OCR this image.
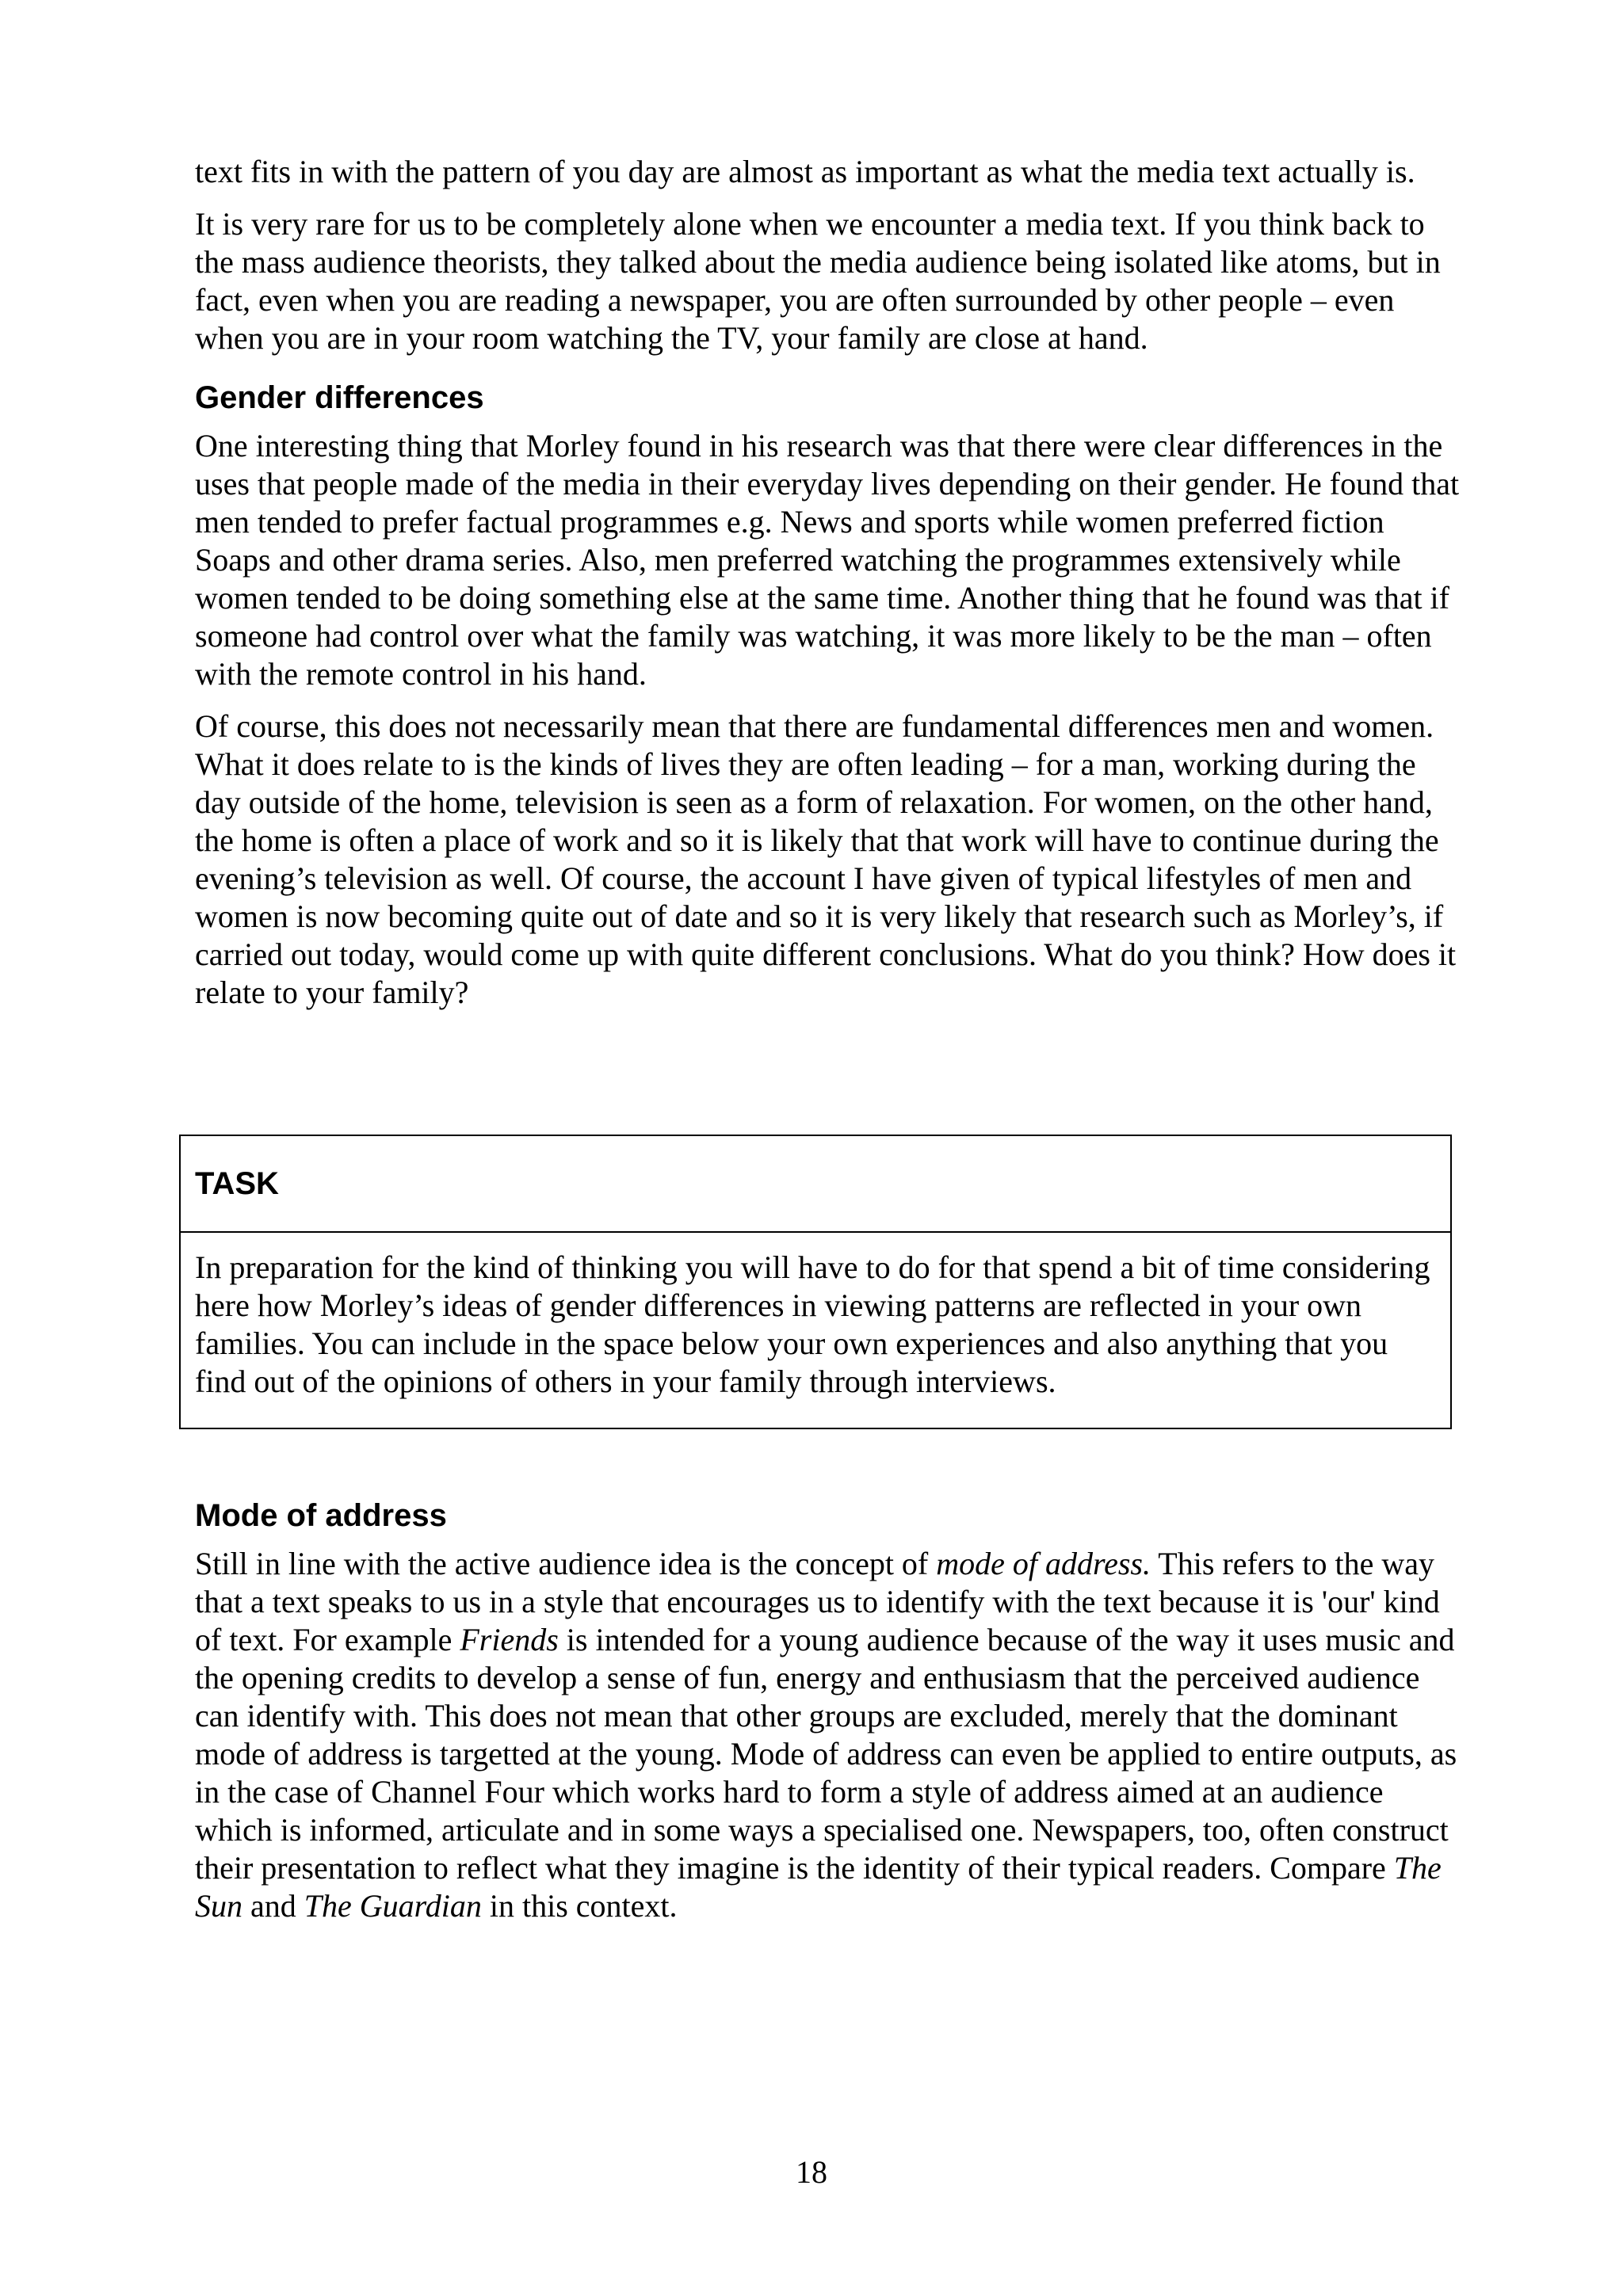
text fits in with the pattern of you day are almost as important as what the media text actually is.

It is very rare for us to be completely alone when we encounter a media text. If you think back to the mass audience theorists, they talked about the media audience being isolated like atoms, but in fact, even when you are reading a newspaper, you are often surrounded by other people – even when you are in your room watching the TV, your family are close at hand.

Gender differences

One interesting thing that Morley found in his research was that there were clear differences in the uses that people made of the media in their everyday lives depending on their gender. He found that men tended to prefer factual programmes e.g. News and sports while women preferred fiction Soaps and other drama series. Also, men preferred watching the programmes extensively while women tended to be doing something else at the same time. Another thing that he found was that if someone had control over what the family was watching, it was more likely to be the man – often with the remote control in his hand.

Of course, this does not necessarily mean that there are fundamental differences men and women. What it does relate to is the kinds of lives they are often leading – for a man, working during the day outside of the home, television is seen as a form of relaxation. For women, on the other hand, the home is often a place of work and so it is likely that that work will have to continue during the evening’s television as well. Of course, the account I have given of typical lifestyles of men and women is now becoming quite out of date and so it is very likely that research such as Morley’s, if carried out today, would come up with quite different conclusions. What do you think? How does it relate to your family?

TASK
In preparation for the kind of thinking you will have to do for that spend a bit of time considering here how Morley’s ideas of gender differences in viewing patterns are reflected in your own families. You can include in the space below your own experiences and also anything that you find out of the opinions of others in your family through interviews.
Mode of address

Still in line with the active audience idea is the concept of mode of address. This refers to the way that a text speaks to us in a style that encourages us to identify with the text because it is 'our' kind of text. For example Friends is intended for a young audience because of the way it uses music and the opening credits to develop a sense of fun, energy and enthusiasm that the perceived audience can identify with. This does not mean that other groups are excluded, merely that the dominant mode of address is targetted at the young. Mode of address can even be applied to entire outputs, as in the case of Channel Four which works hard to form a style of address aimed at an audience which is informed, articulate and in some ways a specialised one. Newspapers, too, often construct their presentation to reflect what they imagine is the identity of their typical readers. Compare The Sun and The Guardian in this context.

18
